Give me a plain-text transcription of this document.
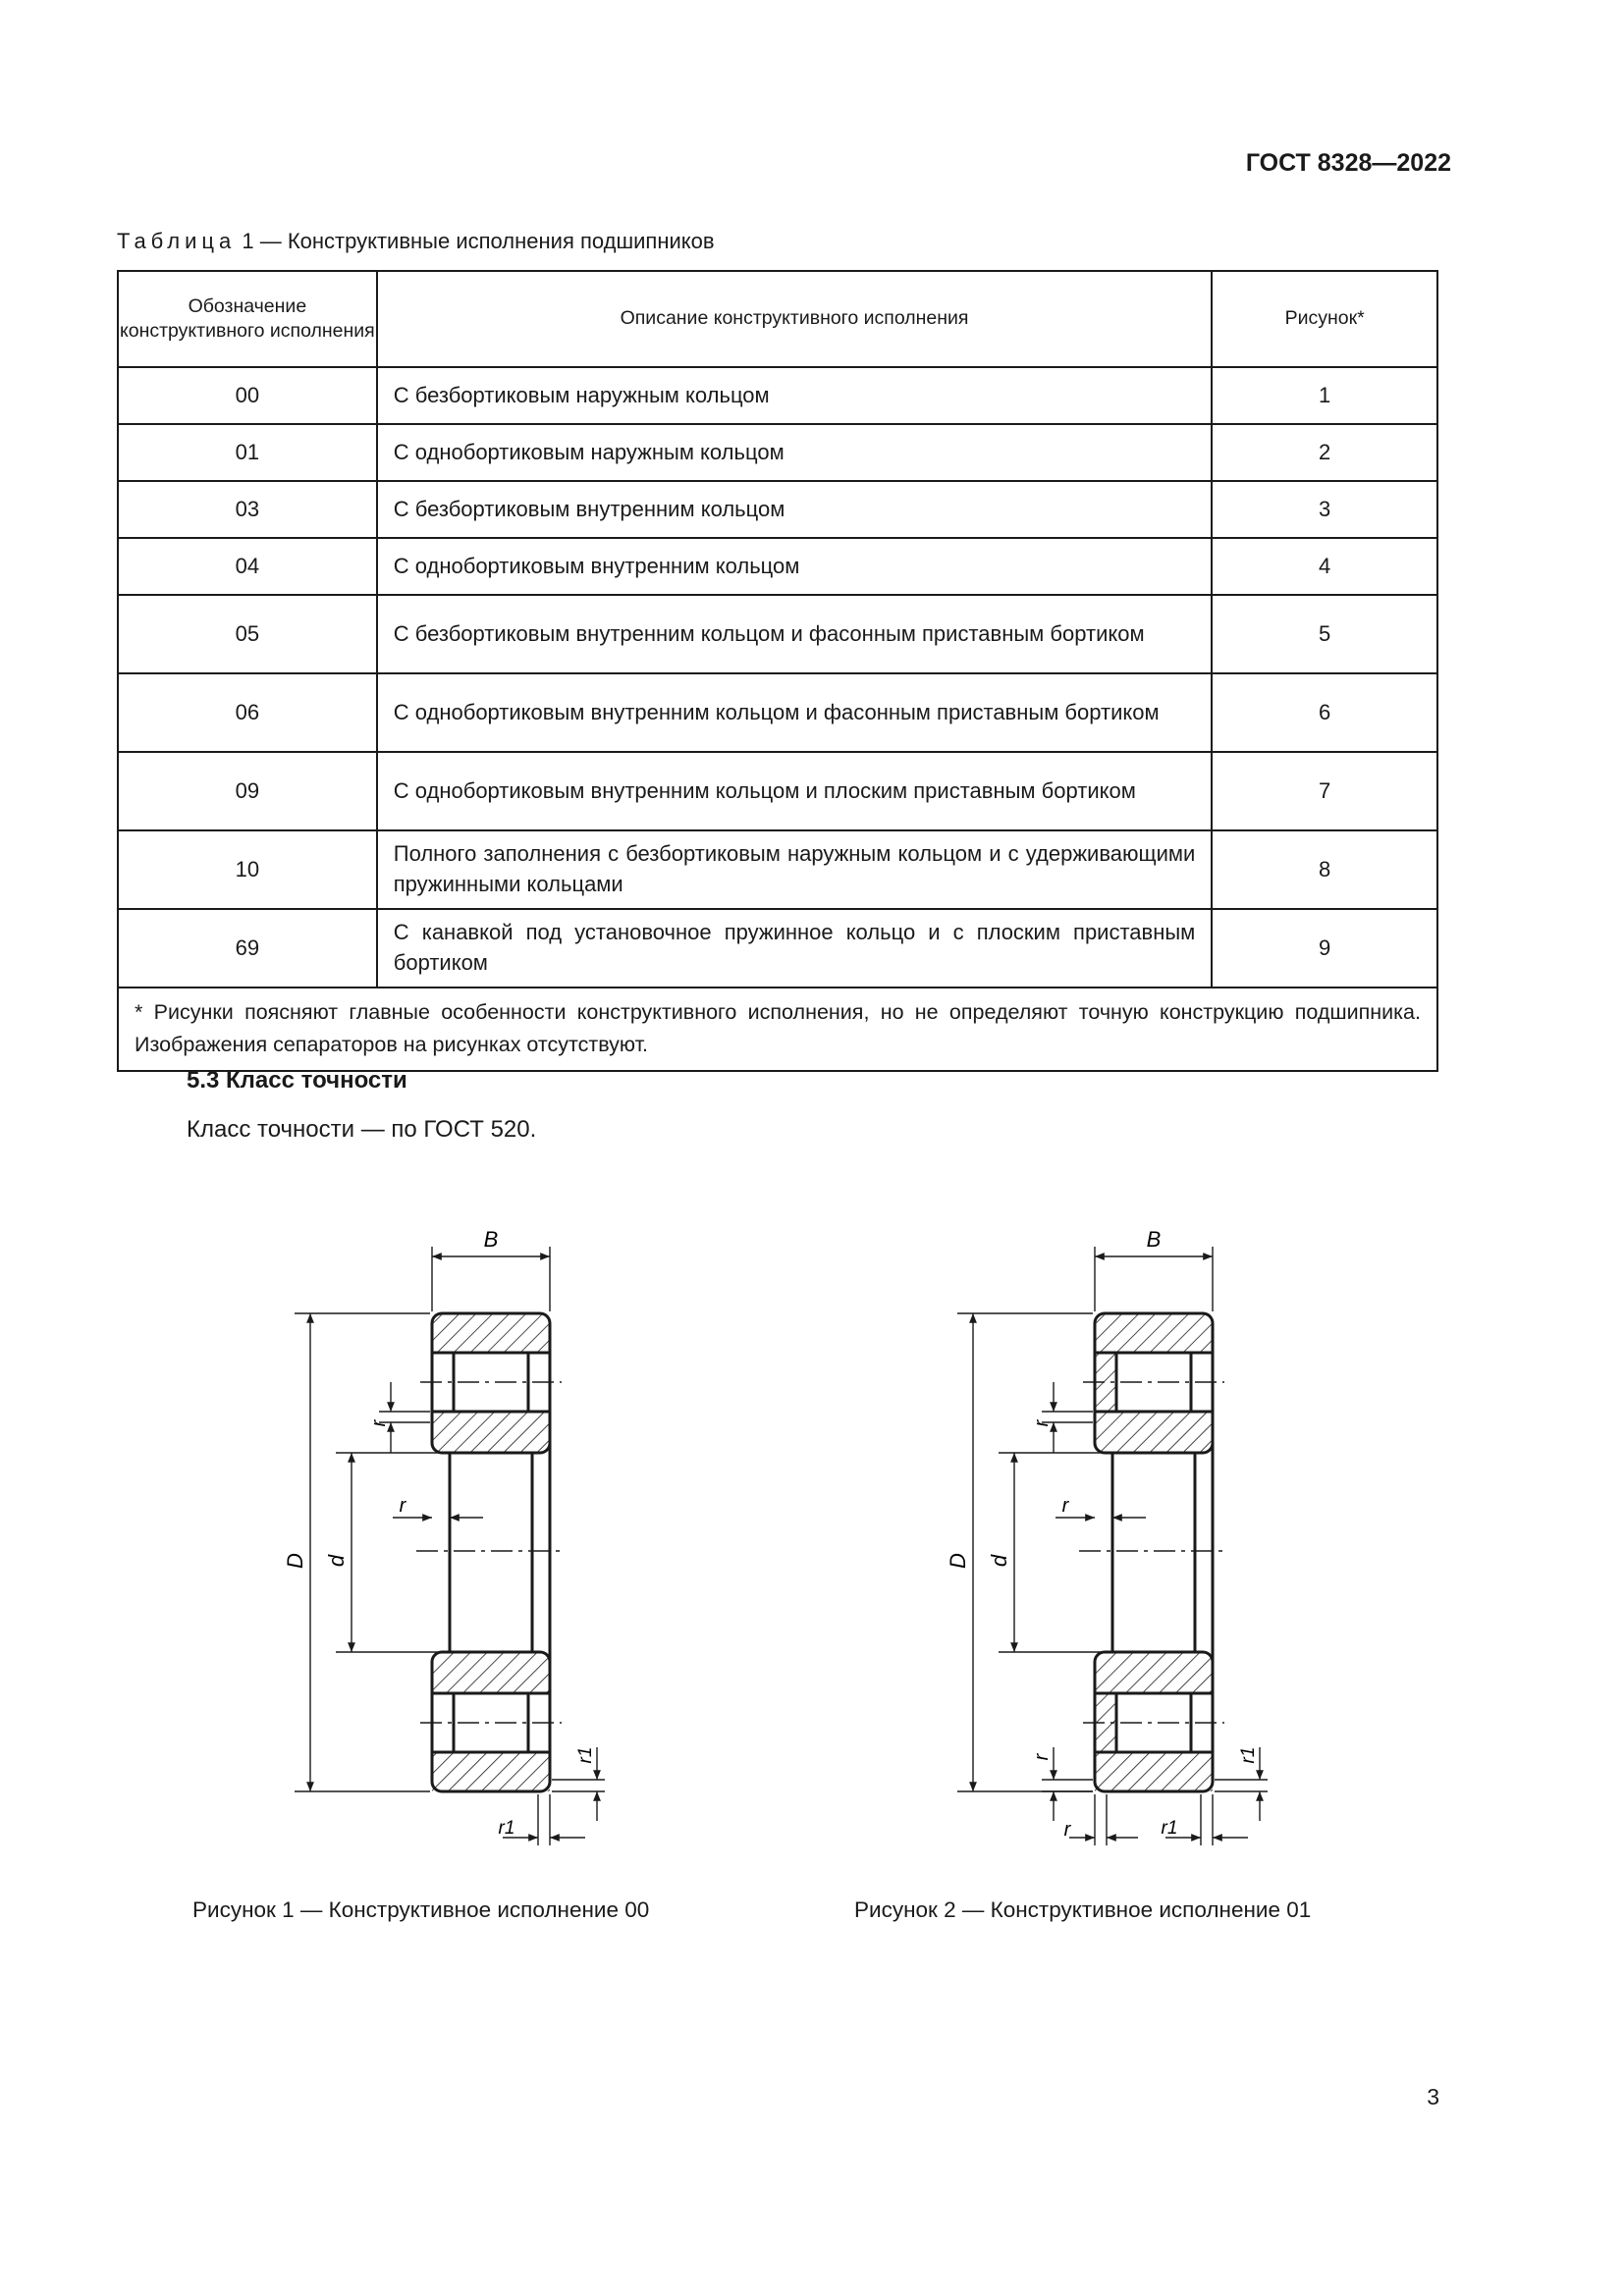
ГОСТ 8328—2022
Таблица 1 — Конструктивные исполнения подшипников
Обозначение конструктивного исполнения	Описание конструктивного исполнения	Рисунок*
00	С безбортиковым наружным кольцом	1
01	С однобортиковым наружным кольцом	2
03	С безбортиковым внутренним кольцом	3
04	С однобортиковым внутренним кольцом	4
05	С безбортиковым внутренним кольцом и фасонным приставным бортиком	5
06	С однобортиковым внутренним кольцом и фасонным приставным бортиком	6
09	С однобортиковым внутренним кольцом и плоским приставным бортиком	7
10	Полного заполнения с безбортиковым наружным кольцом и с удерживающими пружинными кольцами	8
69	С канавкой под установочное пружинное кольцо и с плоским приставным бортиком	9
* Рисунки поясняют главные особенности конструктивного исполнения, но не определяют точную конструкцию подшипника. Изображения сепараторов на рисунках отсутствуют.		
5.3 Класс точности
Класс точности — по ГОСТ 520.
B
D d
r
r
r1
r1
B
D d
r
r
r
r
r1
r1
Рисунок 1 — Конструктивное исполнение 00	Рисунок 2 — Конструктивное исполнение 01
3
